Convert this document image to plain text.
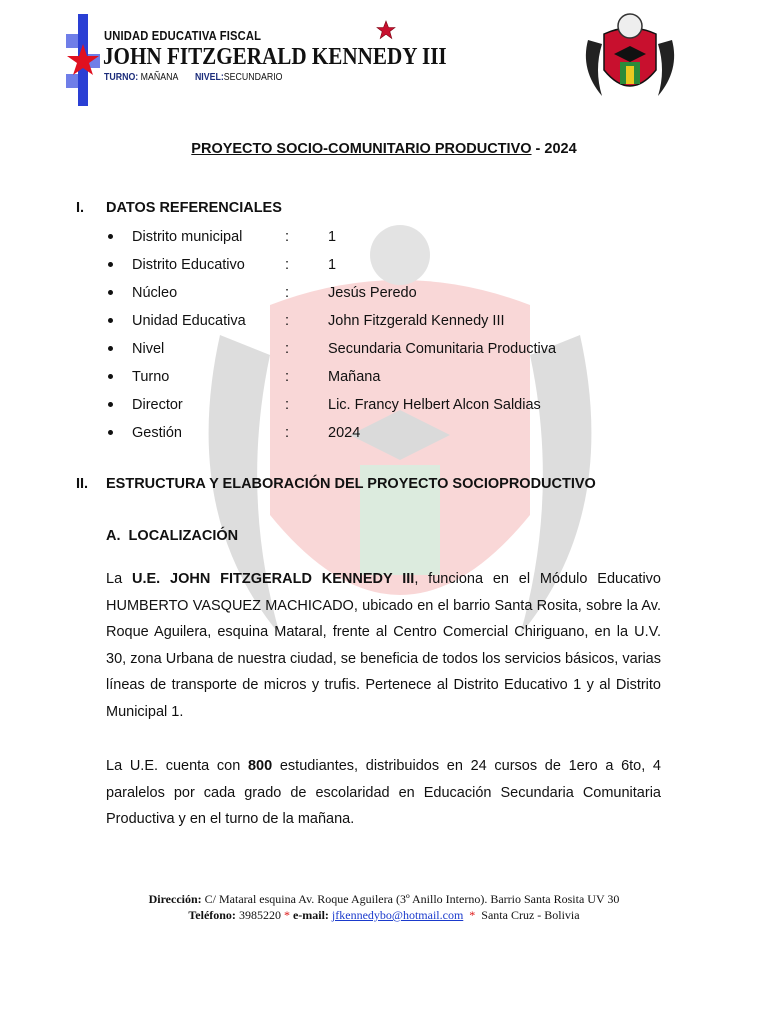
UNIDAD EDUCATIVA FISCAL
JOHN FITZGERALD KENNEDY III
TURNO: MAÑANA NIVEL:SECUNDARIO
PROYECTO SOCIO-COMUNITARIO PRODUCTIVO - 2024
I. DATOS REFERENCIALES
Distrito municipal	:	1
Distrito Educativo	:	1
Núcleo	:	Jesús Peredo
Unidad Educativa	:	John Fitzgerald Kennedy III
Nivel	:	Secundaria Comunitaria Productiva
Turno	:	Mañana
Director	:	Lic. Francy Helbert Alcon Saldias
Gestión	:	2024
II. ESTRUCTURA Y ELABORACIÓN DEL PROYECTO SOCIOPRODUCTIVO
A.  LOCALIZACIÓN
La U.E. JOHN FITZGERALD KENNEDY III, funciona en el Módulo Educativo HUMBERTO VASQUEZ MACHICADO, ubicado en el barrio Santa Rosita, sobre la Av. Roque Aguilera, esquina Mataral, frente al Centro Comercial Chiriguano, en la U.V. 30, zona Urbana de nuestra ciudad, se beneficia de todos los servicios básicos, varias líneas de transporte de micros y trufis. Pertenece al Distrito Educativo 1 y al Distrito Municipal 1.
La U.E. cuenta con 800 estudiantes, distribuidos en 24 cursos de 1ero a 6to, 4 paralelos por cada grado de escolaridad en Educación Secundaria Comunitaria Productiva y en el turno de la mañana.
Dirección: C/ Mataral esquina Av. Roque Aguilera (3º Anillo Interno). Barrio Santa Rosita UV 30
Teléfono: 3985220 * e-mail: jfkennedybo@hotmail.com *  Santa Cruz - Bolivia
